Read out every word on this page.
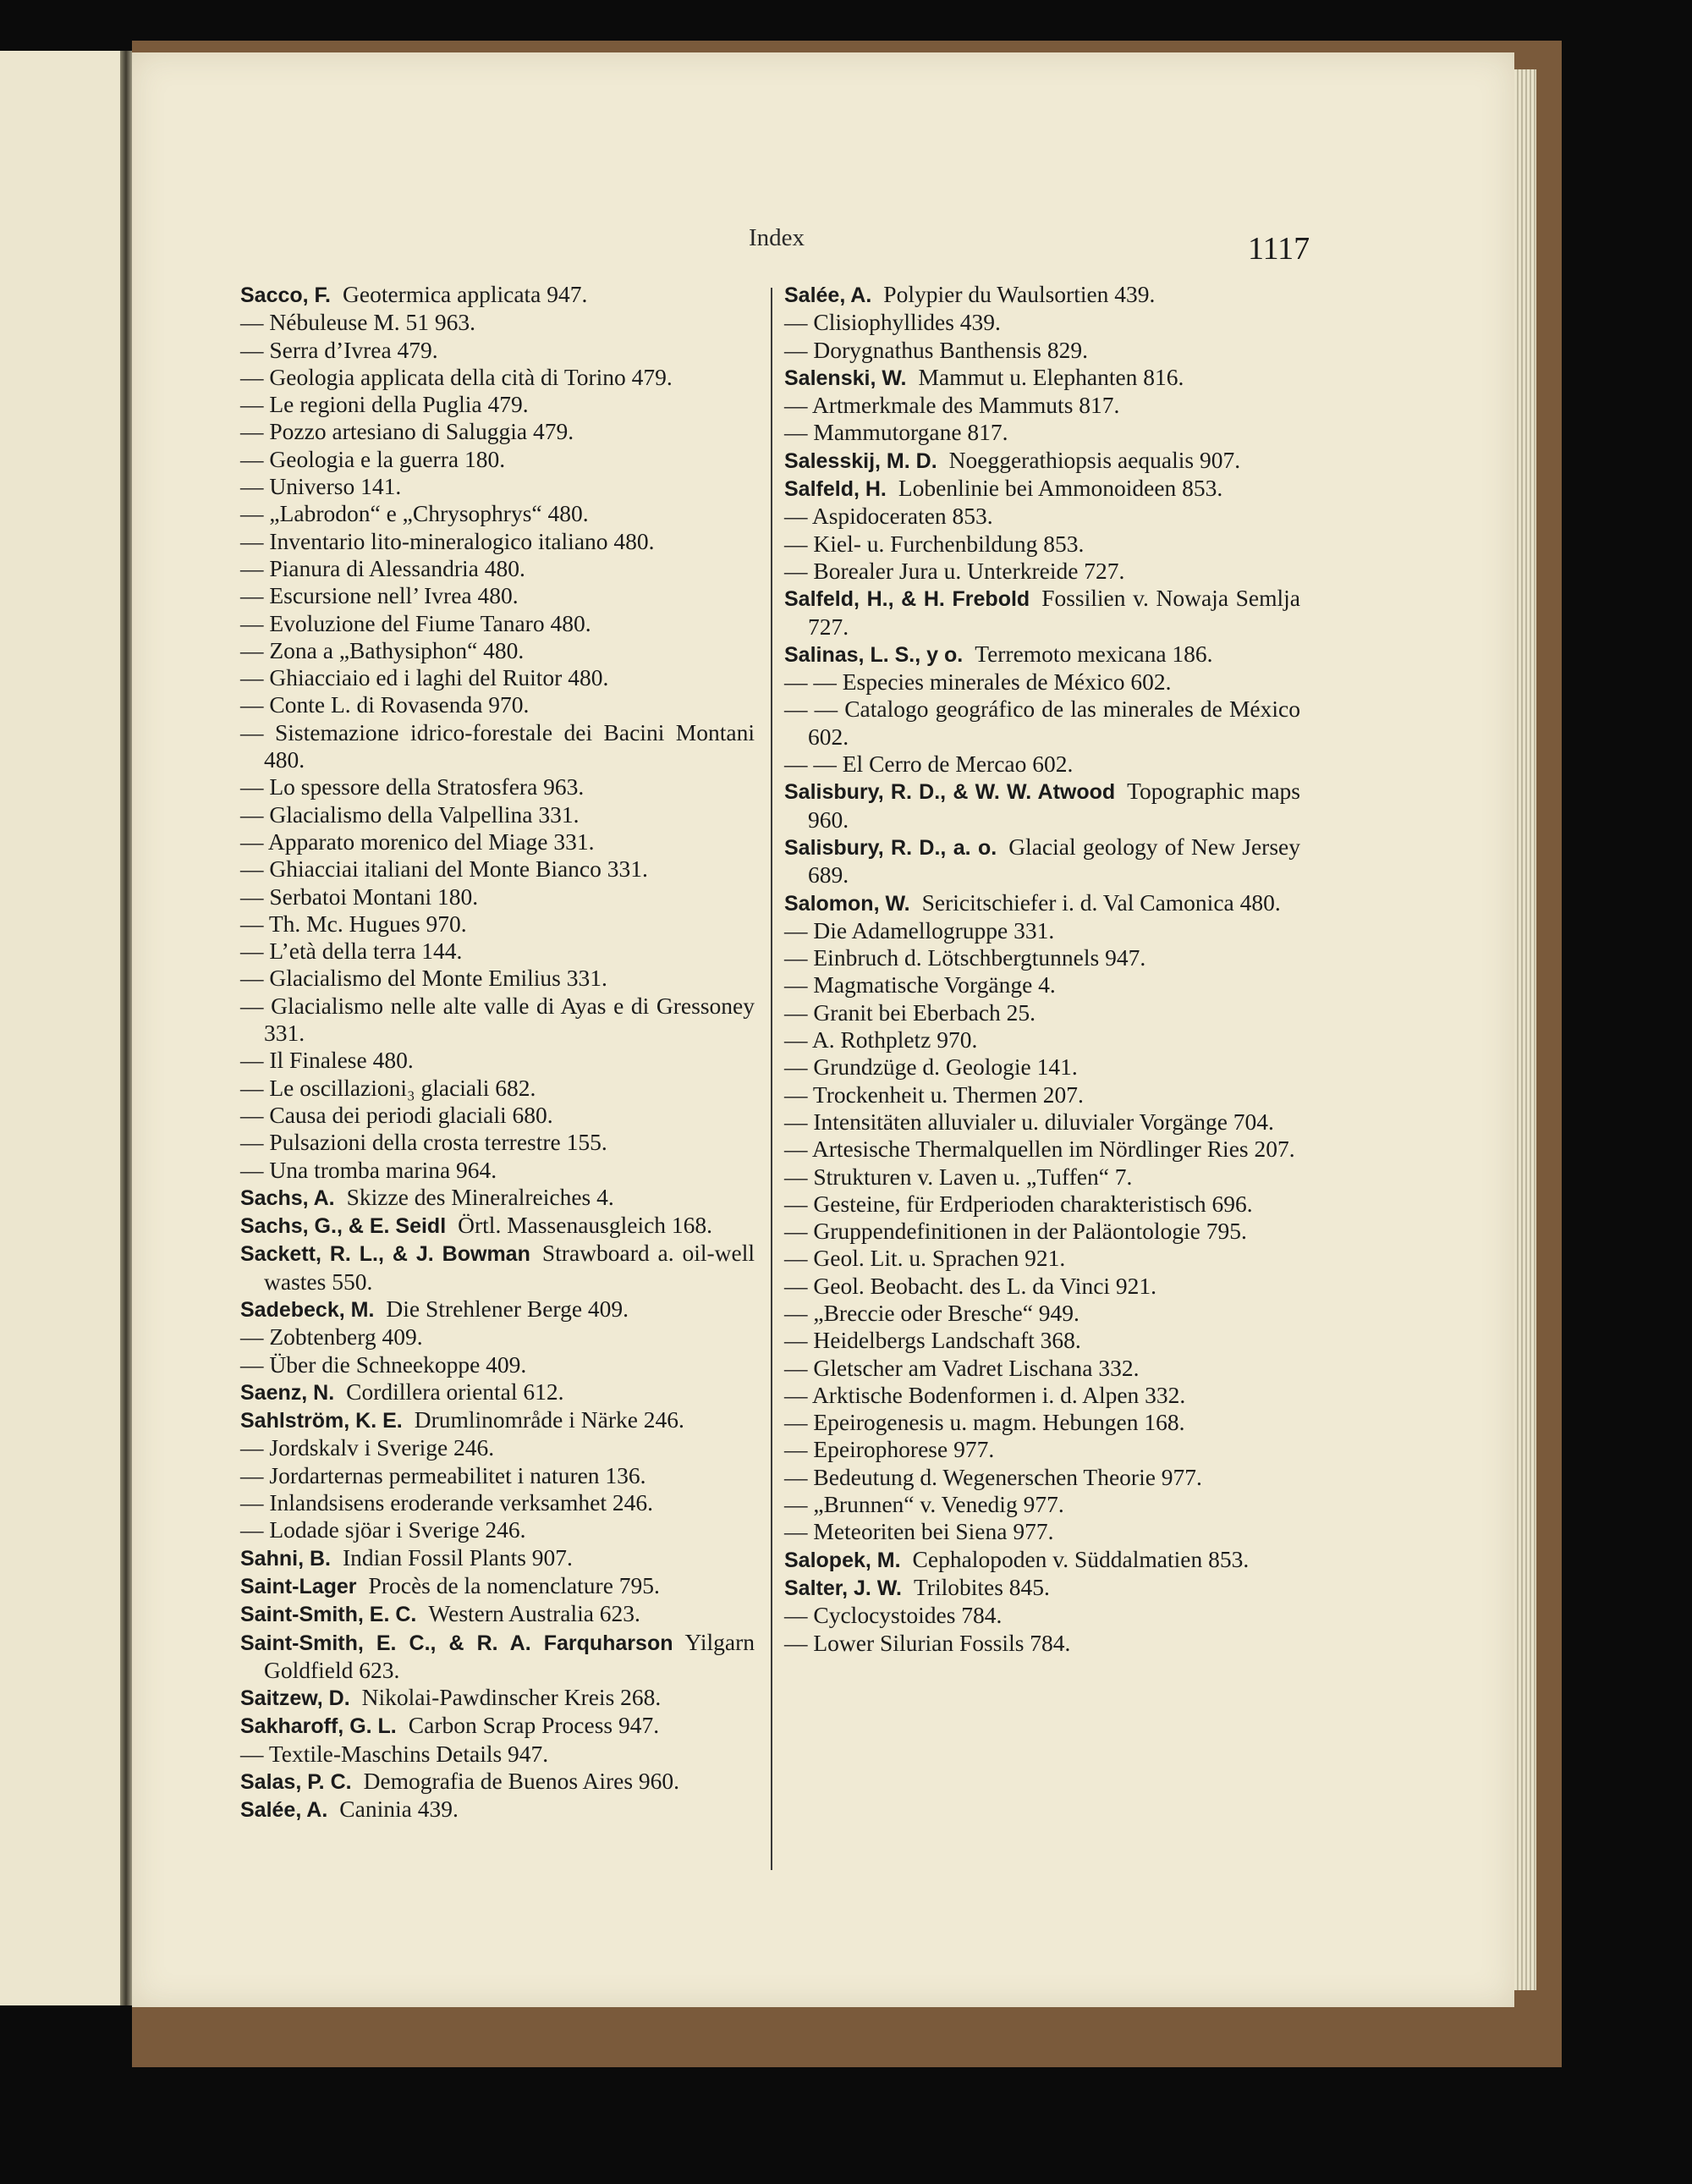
Index	1117
Sacco, F. Geotermica applicata 947.
— Nébuleuse M. 51 963.
— Serra d’Ivrea 479.
— Geologia applicata della cità di Torino 479.
— Le regioni della Puglia 479.
— Pozzo artesiano di Saluggia 479.
— Geologia e la guerra 180.
— Universo 141.
— „Labrodon“ e „Chrysophrys“ 480.
— Inventario lito-mineralogico italiano 480.
— Pianura di Alessandria 480.
— Escursione nell’ Ivrea 480.
— Evoluzione del Fiume Tanaro 480.
— Zona a „Bathysiphon“ 480.
— Ghiacciaio ed i laghi del Ruitor 480.
— Conte L. di Rovasenda 970.
— Sistemazione idrico-forestale dei Bacini Montani 480.
— Lo spessore della Stratosfera 963.
— Glacialismo della Valpellina 331.
— Apparato morenico del Miage 331.
— Ghiacciai italiani del Monte Bianco 331.
— Serbatoi Montani 180.
— Th. Mc. Hugues 970.
— L’età della terra 144.
— Glacialismo del Monte Emilius 331.
— Glacialismo nelle alte valle di Ayas e di Gressoney 331.
— Il Finalese 480.
— Le oscillazioni₃ glaciali 682.
— Causa dei periodi glaciali 680.
— Pulsazioni della crosta terrestre 155.
— Una tromba marina 964.
Sachs, A. Skizze des Mineralreiches 4.
Sachs, G., & E. Seidl Örtl. Massenausgleich 168.
Sackett, R. L., & J. Bowman Strawboard a. oil-well wastes 550.
Sadebeck, M. Die Strehlener Berge 409.
— Zobtenberg 409.
— Über die Schneekoppe 409.
Saenz, N. Cordillera oriental 612.
Sahlström, K. E. Drumlinområde i Närke 246.
— Jordskalv i Sverige 246.
— Jordarternas permeabilitet i naturen 136.
— Inlandsisens eroderande verksamhet 246.
— Lodade sjöar i Sverige 246.
Sahni, B. Indian Fossil Plants 907.
Saint-Lager Procès de la nomenclature 795.
Saint-Smith, E. C. Western Australia 623.
Saint-Smith, E. C., & R. A. Farquharson Yilgarn Goldfield 623.
Saitzew, D. Nikolai-Pawdinscher Kreis 268.
Sakharoff, G. L. Carbon Scrap Process 947.
— Textile-Maschins Details 947.
Salas, P. C. Demografia de Buenos Aires 960.
Salée, A. Caninia 439.
Salée, A. Polypier du Waulsortien 439.
— Clisiophyllides 439.
— Dorygnathus Banthensis 829.
Salenski, W. Mammut u. Elephanten 816.
— Artmerkmale des Mammuts 817.
— Mammutorgane 817.
Salesskij, M. D. Noeggerathiopsis aequalis 907.
Salfeld, H. Lobenlinie bei Ammonoideen 853.
— Aspidoceraten 853.
— Kiel- u. Furchenbildung 853.
— Borealer Jura u. Unterkreide 727.
Salfeld, H., & H. Frebold Fossilien v. Nowaja Semlja 727.
Salinas, L. S., y o. Terremoto mexicana 186.
— — Especies minerales de México 602.
— — Catalogo geográfico de las minerales de México 602.
— — El Cerro de Mercao 602.
Salisbury, R. D., & W. W. Atwood Topographic maps 960.
Salisbury, R. D., a. o. Glacial geology of New Jersey 689.
Salomon, W. Sericitschiefer i. d. Val Camonica 480.
— Die Adamellogruppe 331.
— Einbruch d. Lötschbergtunnels 947.
— Magmatische Vorgänge 4.
— Granit bei Eberbach 25.
— A. Rothpletz 970.
— Grundzüge d. Geologie 141.
— Trockenheit u. Thermen 207.
— Intensitäten alluvialer u. diluvialer Vorgänge 704.
— Artesische Thermalquellen im Nördlinger Ries 207.
— Strukturen v. Laven u. „Tuffen“ 7.
— Gesteine, für Erdperioden charakteristisch 696.
— Gruppendefinitionen in der Paläontologie 795.
— Geol. Lit. u. Sprachen 921.
— Geol. Beobacht. des L. da Vinci 921.
— „Breccie oder Bresche“ 949.
— Heidelbergs Landschaft 368.
— Gletscher am Vadret Lischana 332.
— Arktische Bodenformen i. d. Alpen 332.
— Epeirogenesis u. magm. Hebungen 168.
— Epeirophorese 977.
— Bedeutung d. Wegenerschen Theorie 977.
— „Brunnen“ v. Venedig 977.
— Meteoriten bei Siena 977.
Salopek, M. Cephalopoden v. Süddalmatien 853.
Salter, J. W. Trilobites 845.
— Cyclocystoides 784.
— Lower Silurian Fossils 784.
